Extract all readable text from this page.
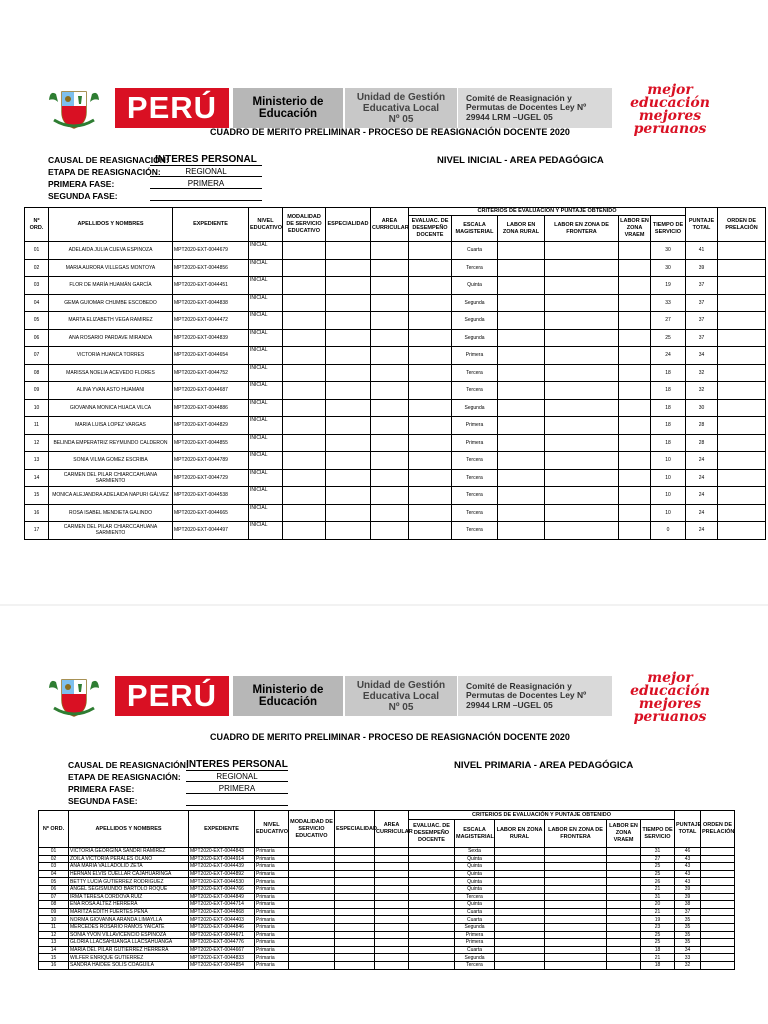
PERÚ	Ministerio de
Educación
Unidad de Gestión
Educativa Local
Nº 05
Comité de Reasignación y
Permutas de Docentes Ley Nº
29944 LRM –UGEL 05
mejor
educación
mejores
peruanos
CUADRO DE MERITO PRELIMINAR - PROCESO DE REASIGNACIÓN DOCENTE 2020
CAUSAL DE REASIGNACIÓN:
INTERES PERSONAL
ETAPA DE REASIGNACIÓN:	REGIONAL
PRIMERA FASE:	PRIMERA
SEGUNDA FASE:
NIVEL INICIAL - AREA PEDAGÓGICA
Nº ORD.	APELLIDOS Y NOMBRES	EXPEDIENTE	NIVEL EDUCATIVO	MODALIDAD DE SERVICIO EDUCATIVO	ESPECIALIDAD	AREA CURRICULAR	CRITERIOS DE EVALUACIÓN Y PUNTAJE OBTENIDO						PUNTAJE TOTAL	ORDEN DE PRELACIÓN
							EVALUAC. DE DESEMPEÑO DOCENTE	ESCALA MAGISTERIAL	LABOR EN ZONA RURAL	LABOR EN ZONA DE FRONTERA	LABOR EN ZONA VRAEM	TIEMPO DE SERVICIO		
01	ADELAIDA JULIA CUEVA ESPINOZA	MPT2020-EXT-0044679	INICIAL					Cuarta				30	41	
02	MARIA AURORA VILLEGAS MONTOYA	MPT2020-EXT-0044856	INICIAL					Tercera				30	39	
03	FLOR DE MARÍA HUAMÁN GARCÍA	MPT2020-EXT-0044451	INICIAL					Quinta				19	37	
04	GEMA GUIOMAR CHUMBE ESCOBEDO	MPT2020-EXT-0044838	INICIAL					Segunda				33	37	
05	MARTA ELIZABETH VEGA RAMIREZ	MPT2020-EXT-0044472	INICIAL					Segunda				27	37	
06	ANA ROSARIO PARDAVE MIRANDA	MPT2020-EXT-0044839	INICIAL					Segunda				25	37	
07	VICTORIA HUANCA TORRES	MPT2020-EXT-0044654	INICIAL					Primera				24	34	
08	MARISSA NOELIA ACEVEDO FLORES	MPT2020-EXT-0044752	INICIAL					Tercera				18	32	
09	ALINA YVAN ASTO HUAMANI	MPT2020-EXT-0044687	INICIAL					Tercera				18	32	
10	GIOVANNA MONICA HUACA VILCA	MPT2020-EXT-0044886	INICIAL					Segunda				18	30	
11	MARIA LUISA LOPEZ VARGAS	MPT2020-EXT-0044829	INICIAL					Primera				18	28	
12	BELINDA EMPERATRIZ REYMUNDO CALDERON	MPT2020-EXT-0044855	INICIAL					Primera				18	28	
13	SONIA VILMA GOMEZ ESCRIBA	MPT2020-EXT-0044789	INICIAL					Tercera				10	24	
14	CARMEN DEL PILAR CHIARCCAHUANA SARMIENTO	MPT2020-EXT-0044729	INICIAL					Tercera				10	24	
15	MONICA ALEJANDRA ADELAIDA NAPURI GÁLVEZ	MPT2020-EXT-0044538	INICIAL					Tercera				10	24	
16	ROSA ISABEL MENDIETA GALINDO	MPT2020-EXT-0044665	INICIAL					Tercera				10	24	
17	CARMEN DEL PILAR CHIARCCAHUANA SARMIENTO	MPT2020-EXT-0044497	INICIAL					Tercera				0	24	
PERÚ	Ministerio de
Educación
Unidad de Gestión
Educativa Local
Nº 05
Comité de Reasignación y
Permutas de Docentes Ley Nº
29944 LRM –UGEL 05
mejor
educación
mejores
peruanos
CUADRO DE MERITO PRELIMINAR - PROCESO DE REASIGNACIÓN DOCENTE 2020
CAUSAL DE REASIGNACIÓN:
INTERES PERSONAL
ETAPA DE REASIGNACIÓN:	REGIONAL
PRIMERA FASE:	PRIMERA
SEGUNDA FASE:
NIVEL PRIMARIA - AREA PEDAGÓGICA
Nº ORD.	APELLIDOS Y NOMBRES	EXPEDIENTE	NIVEL EDUCATIVO	MODALIDAD DE SERVICIO EDUCATIVO	ESPECIALIDAD	AREA CURRICULAR	CRITERIOS DE EVALUACIÓN Y PUNTAJE OBTENIDO						PUNTAJE TOTAL	ORDEN DE PRELACIÓN
							EVALUAC. DE DESEMPEÑO DOCENTE	ESCALA MAGISTERIAL	LABOR EN ZONA RURAL	LABOR EN ZONA DE FRONTERA	LABOR EN ZONA VRAEM	TIEMPO DE SERVICIO		
01	VICTORIA GEORGINA SANDRI RAMIREZ	MPT2020-EXT-0044843	Primaria					Sexta				31	46	
02	ZOILA VICTORIA PERALES OLANO	MPT2020-EXT-0044914	Primaria					Quinta				27	43	
03	ANA MARIA VALLADOLID ZETA	MPT2020-EXT-0044439	Primaria					Quinta				25	43	
04	HERNAN ELVIS CUELLAR CAJAHUARINGA	MPT2020-EXT-0044892	Primaria					Quinta				25	43	
05	BETTY LUCIA GUTIERREZ RODRIGUEZ	MPT2020-EXT-0044530	Primaria					Quinta				26	43	
06	ANGEL SEGISMUNDO BARTOLO ROQUE	MPT2020-EXT-0044766	Primaria					Quinta				21	39	
07	IRMA TERESA CORDOVA RUIZ	MPT2020-EXT-0044849	Primaria					Tercera				31	39	
08	ENA ROSA ALTEZ HERRERA	MPT2020-EXT-0044714	Primaria					Quinta				20	38	
09	MARITZA EDITH FUERTES PEÑA	MPT2020-EXT-0044868	Primaria					Cuarta				21	37	
10	NORMA GIOVANNA ARANDA LIMAYLLA	MPT2020-EXT-0044403	Primaria					Cuarta				19	35	
11	MERCEDES ROSARIO RAMOS YAICATE	MPT2020-EXT-0044846	Primaria					Segunda				23	35	
12	SONIA YVON VILLAVICENCIO ESPINOZA	MPT2020-EXT-0044671	Primaria					Primera				25	35	
13	GLORIA LLACSAHUANGA LLACSAHUANGA	MPT2020-EXT-0044776	Primaria					Primera				25	35	
14	MARIA DEL PILAR GUTIERREZ HERRERA	MPT2020-EXT-0044667	Primaria					Cuarta				18	34	
15	WILFER ENRIQUE GUTIERREZ	MPT2020-EXT-0044833	Primaria					Segunda				21	33	
16	SANDRA HAIDEE SOLIS COAGUILA	MPT2020-EXT-0044854	Primaria					Tercera				18	32	
